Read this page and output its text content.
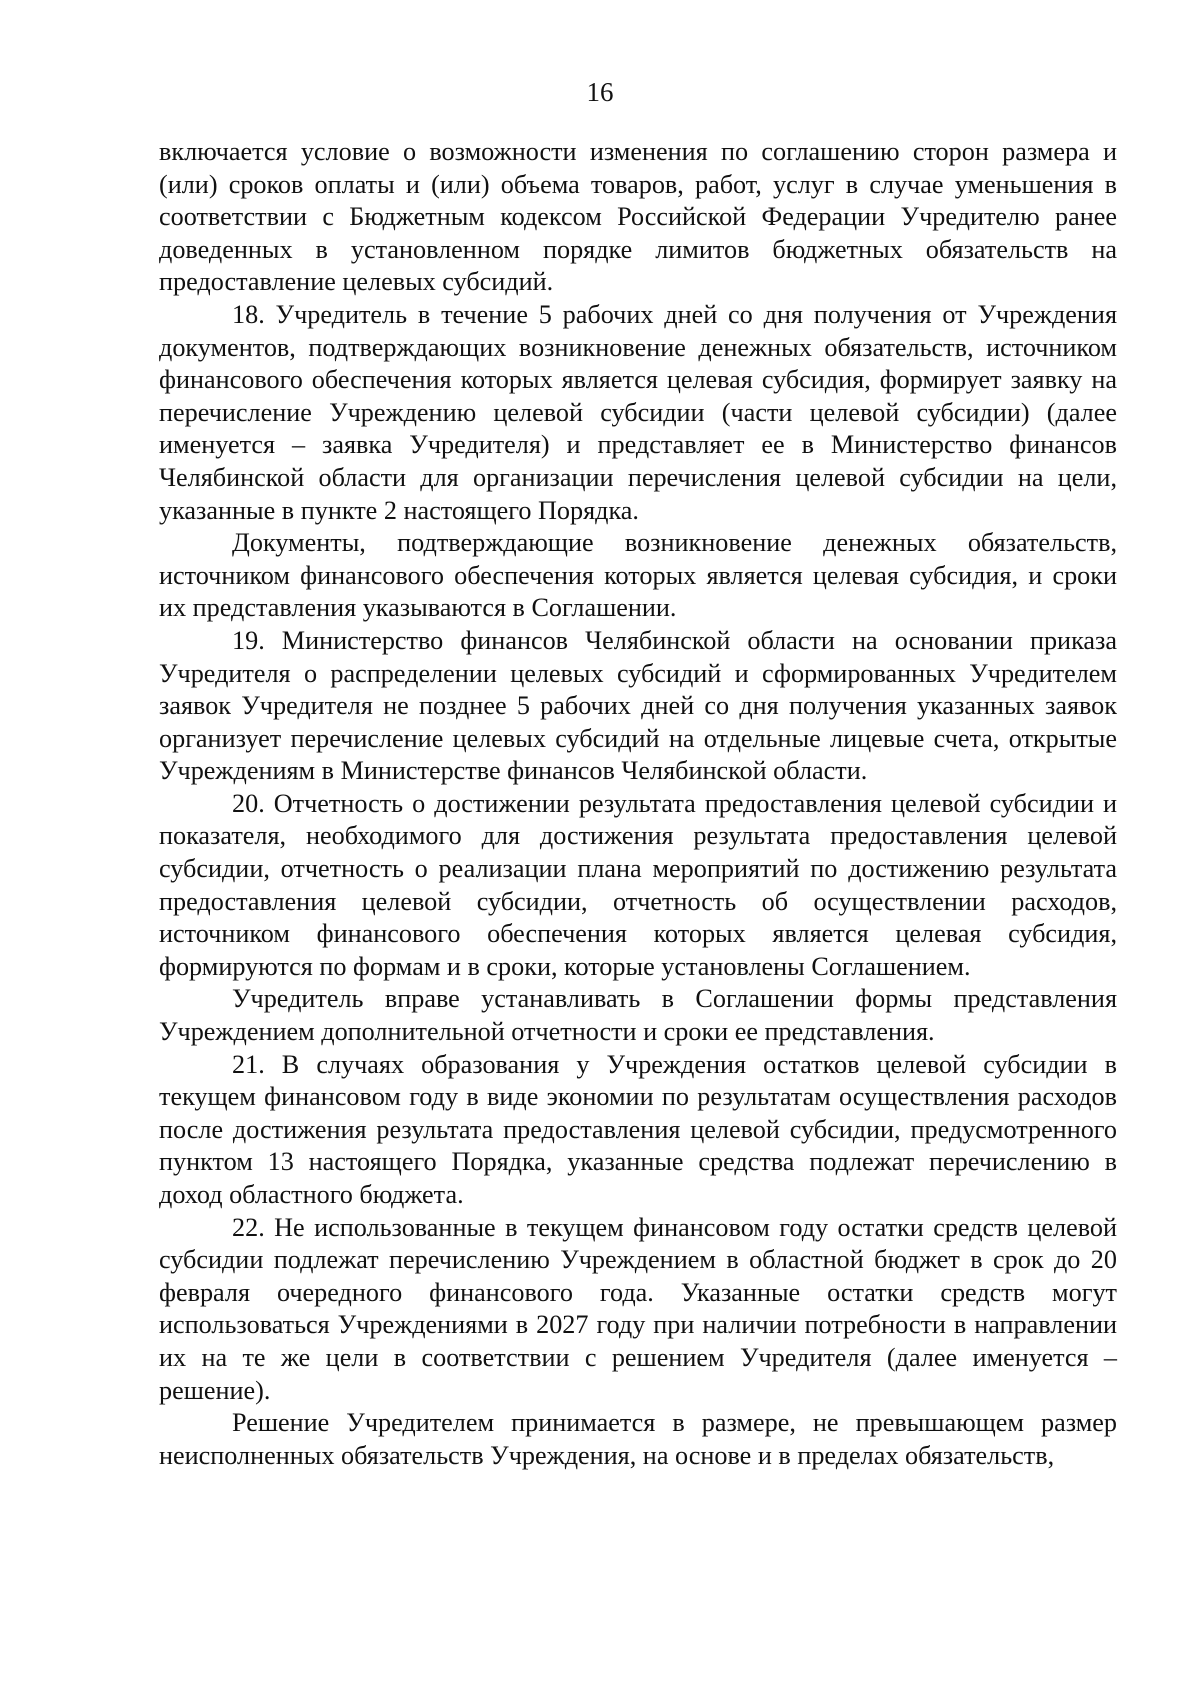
16

включается условие о возможности изменения по соглашению сторон размера и (или) сроков оплаты и (или) объема товаров, работ, услуг в случае уменьшения в соответствии с Бюджетным кодексом Российской Федерации Учредителю ранее доведенных в установленном порядке лимитов бюджетных обязательств на предоставление целевых субсидий.

18. Учредитель в течение 5 рабочих дней со дня получения от Учреждения документов, подтверждающих возникновение денежных обязательств, источником финансового обеспечения которых является целевая субсидия, формирует заявку на перечисление Учреждению целевой субсидии (части целевой субсидии) (далее именуется – заявка Учредителя) и представляет ее в Министерство финансов Челябинской области для организации перечисления целевой субсидии на цели, указанные в пункте 2 настоящего Порядка.

Документы, подтверждающие возникновение денежных обязательств, источником финансового обеспечения которых является целевая субсидия, и сроки их представления указываются в Соглашении.

19. Министерство финансов Челябинской области на основании приказа Учредителя о распределении целевых субсидий и сформированных Учредителем заявок Учредителя не позднее 5 рабочих дней со дня получения указанных заявок организует перечисление целевых субсидий на отдельные лицевые счета, открытые Учреждениям в Министерстве финансов Челябинской области.

20. Отчетность о достижении результата предоставления целевой субсидии и показателя, необходимого для достижения результата предоставления целевой субсидии, отчетность о реализации плана мероприятий по достижению результата предоставления целевой субсидии, отчетность об осуществлении расходов, источником финансового обеспечения которых является целевая субсидия, формируются по формам и в сроки, которые установлены Соглашением.

Учредитель вправе устанавливать в Соглашении формы представления Учреждением дополнительной отчетности и сроки ее представления.

21. В случаях образования у Учреждения остатков целевой субсидии в текущем финансовом году в виде экономии по результатам осуществления расходов после достижения результата предоставления целевой субсидии, предусмотренного пунктом 13 настоящего Порядка, указанные средства подлежат перечислению в доход областного бюджета.

22. Не использованные в текущем финансовом году остатки средств целевой субсидии подлежат перечислению Учреждением в областной бюджет в срок до 20 февраля очередного финансового года. Указанные остатки средств могут использоваться Учреждениями в 2027 году при наличии потребности в направлении их на те же цели в соответствии с решением Учредителя (далее именуется – решение).

Решение Учредителем принимается в размере, не превышающем размер неисполненных обязательств Учреждения, на основе и в пределах обязательств,
